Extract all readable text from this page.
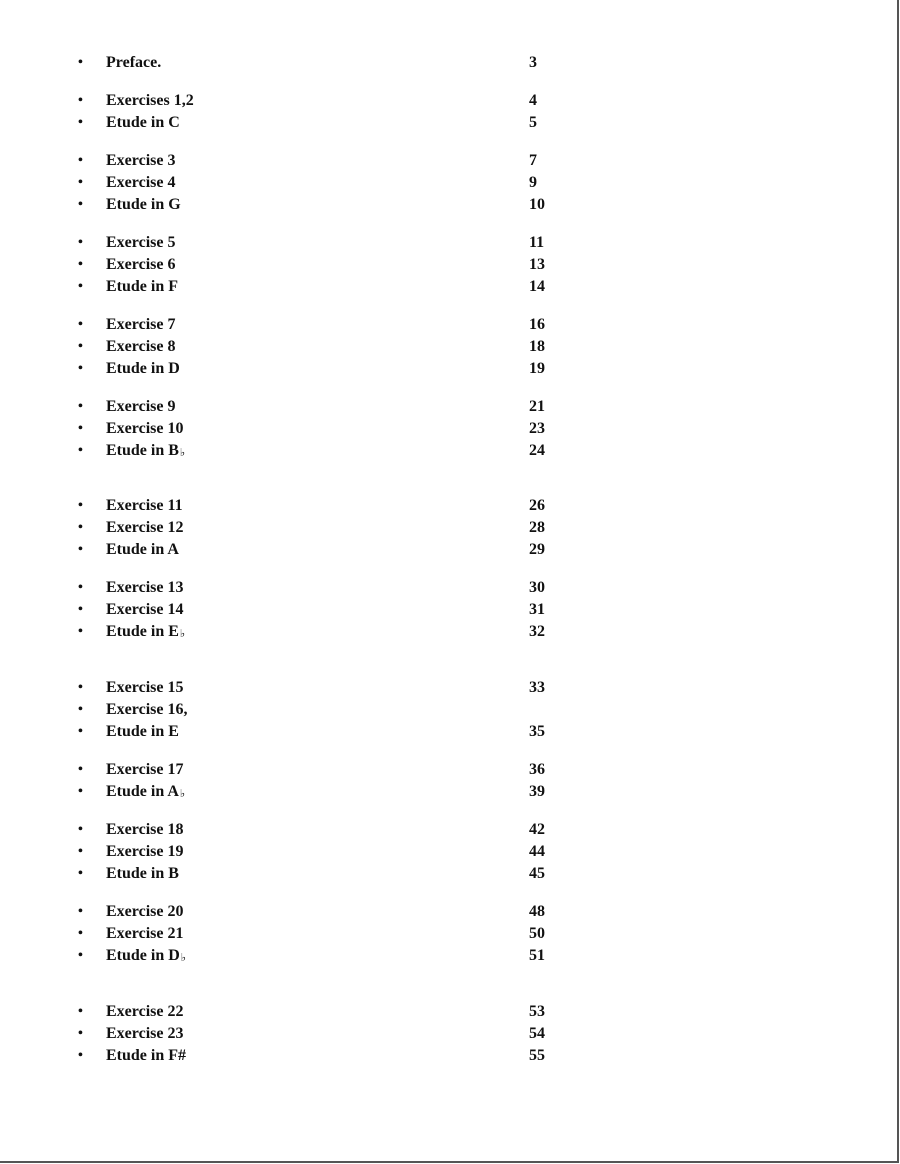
• Preface.	3
• Exercises 1,2	4
• Etude in C	5
• Exercise 3	7
• Exercise 4	9
• Etude in G	10
• Exercise 5	11
• Exercise 6	13
• Etude in F	14
• Exercise 7	16
• Exercise 8	18
• Etude in D	19
• Exercise 9	21
• Exercise 10	23
• Etude in B♭	24
• Exercise 11	26
• Exercise 12	28
• Etude in A	29
• Exercise 13	30
• Exercise 14	31
• Etude in E♭	32
• Exercise 15	33
• Exercise 16,
• Etude in E	35
• Exercise 17	36
• Etude in A♭	39
• Exercise 18	42
• Exercise 19	44
• Etude in B	45
• Exercise 20	48
• Exercise 21	50
• Etude in D♭	51
• Exercise 22	53
• Exercise 23	54
• Etude in F#	55
